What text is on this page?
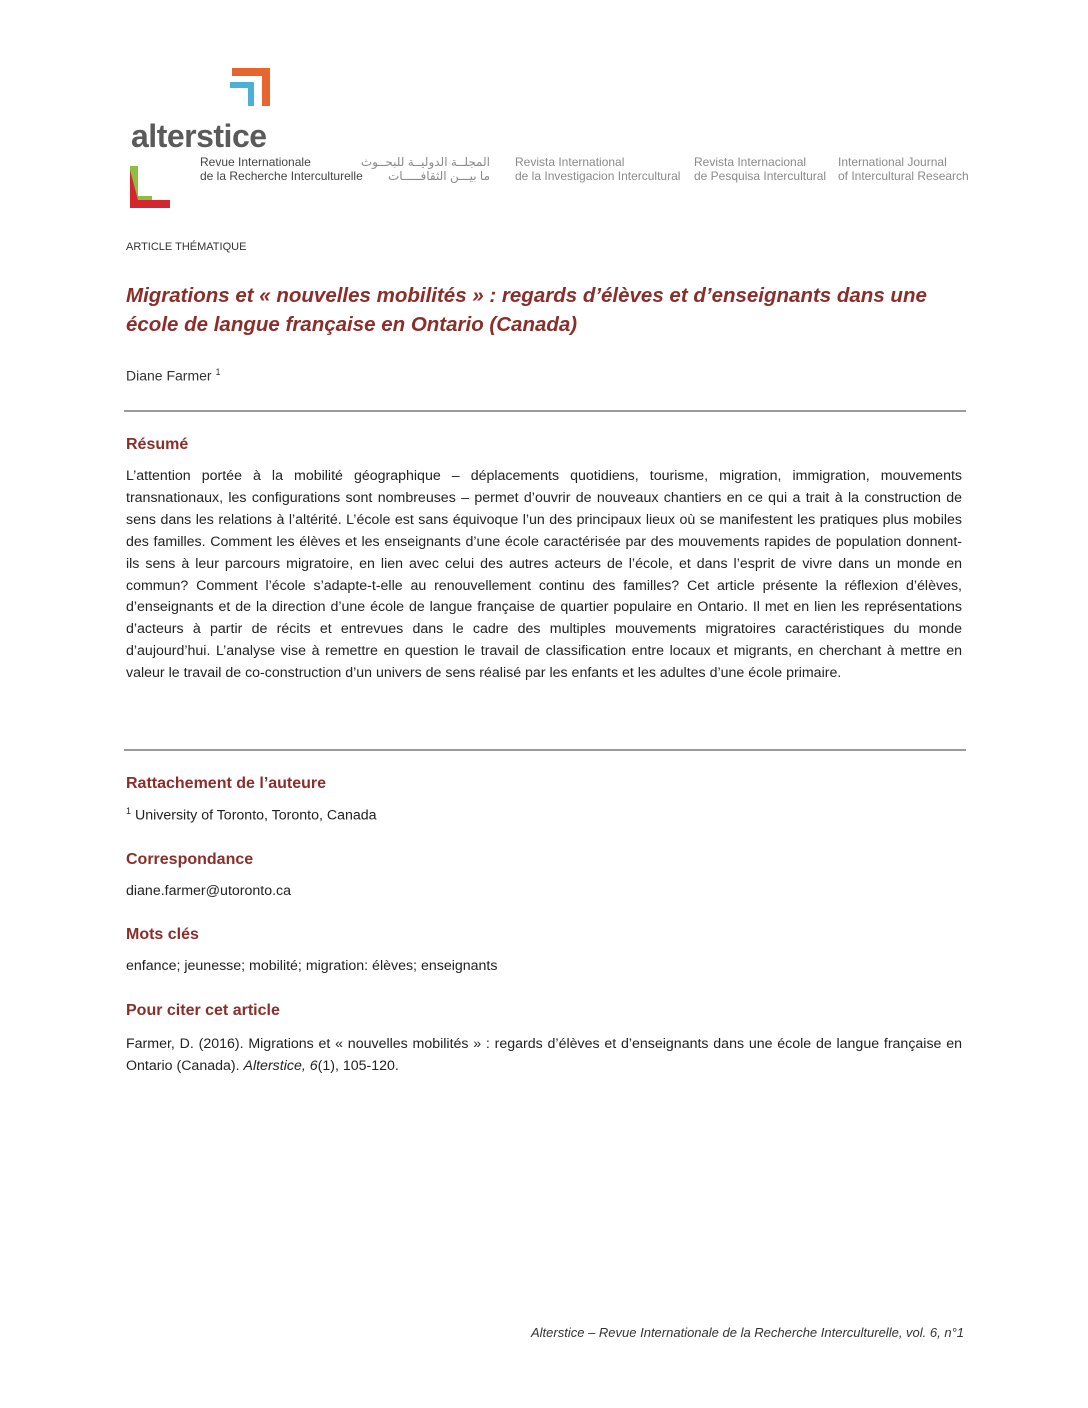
alterstice
Revue Internationale
de la Recherche Interculturelle
المجلــة الدوليــة للبحــوث
ما بيـــن الثقافـــــات
Revista International
de la Investigacion Intercultural
Revista Internacional
de Pesquisa Intercultural
International Journal
of Intercultural Research
ARTICLE THÉMATIQUE
Migrations et « nouvelles mobilités » : regards d’élèves et d’enseignants dans une école de langue française en Ontario (Canada)
Diane Farmer $^1$
Résumé
L’attention portée à la mobilité géographique – déplacements quotidiens, tourisme, migration, immigration, mouvements transnationaux, les configurations sont nombreuses – permet d’ouvrir de nouveaux chantiers en ce qui a trait à la construction de sens dans les relations à l’altérité. L’école est sans équivoque l’un des principaux lieux où se manifestent les pratiques plus mobiles des familles. Comment les élèves et les enseignants d’une école caractérisée par des mouvements rapides de population donnent-ils sens à leur parcours migratoire, en lien avec celui des autres acteurs de l’école, et dans l’esprit de vivre dans un monde en commun? Comment l’école s’adapte-t-elle au renouvellement continu des familles? Cet article présente la réflexion d’élèves, d’enseignants et de la direction d’une école de langue française de quartier populaire en Ontario. Il met en lien les représentations d’acteurs à partir de récits et entrevues dans le cadre des multiples mouvements migratoires caractéristiques du monde d’aujourd’hui. L’analyse vise à remettre en question le travail de classification entre locaux et migrants, en cherchant à mettre en valeur le travail de co-construction d’un univers de sens réalisé par les enfants et les adultes d’une école primaire.
Rattachement de l’auteure
$^1$ University of Toronto, Toronto, Canada
Correspondance
diane.farmer@utoronto.ca
Mots clés
enfance; jeunesse; mobilité; migration: élèves; enseignants
Pour citer cet article
Farmer, D. (2016). Migrations et « nouvelles mobilités » : regards d’élèves et d’enseignants dans une école de langue française en Ontario (Canada). Alterstice, 6(1), 105-120.
Alterstice – Revue Internationale de la Recherche Interculturelle, vol. 6, n°1
